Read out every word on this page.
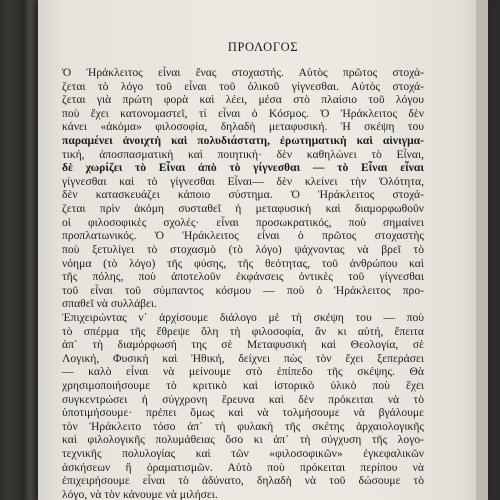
ΠΡΟΛΟΓΟΣ
Ὁ Ἡράκλειτος εἶναι ἕνας στοχαστής. Αὐτὸς πρῶτος στοχά-
ζεται τὸ λόγο τοῦ εἶναι τοῦ ὁλικοῦ γίγνεσθαι. Αὐτὸς στοχά-
ζεται γιὰ πρώτη φορὰ καὶ λέει, μέσα στὸ πλαίσιο τοῦ λόγου
ποὺ ἔχει κατονομαστεῖ, τί εἶναι ὁ Κόσμος. Ὁ Ἡράκλειτος δὲν
κάνει «ἀκόμα» φιλοσοφία, δηλαδὴ μεταφυσική. Ἡ σκέψη του
παραμένει ἀνοιχτὴ καὶ πολυδιάστατη, ἐρωτηματικὴ καὶ αἰνιγμα-
τική, ἀποσπασματικὴ καὶ ποιητική· δὲν καθηλώνει τὸ Εἶναι,
δὲ χωρίζει τὸ Εἶναι ἀπὸ τὸ γίγνεσθαι — τὸ Εἶναι εἶναι
γίγνεσθαι καὶ τὸ γίγνεσθαι Εἶναι— δὲν κλείνει τὴν Ὁλότητα,
δὲν κατασκευάζει κάποιο σύστημα. Ὁ Ἡράκλειτος στοχά-
ζεται πρὶν ἀκόμη συσταθεῖ ἡ μεταφυσικὴ καὶ διαμορφωθοῦν
οἱ φιλοσοφικὲς σχολές· εἶναι προσωκρατικός, ποὺ σημαίνει
προπλατωνικός. Ὁ Ἡράκλειτος εἶναι ὁ πρῶτος στοχαστὴς
ποὺ ξετυλίγει τὸ στοχασμὸ (τὸ λόγο) ψάχνοντας νὰ βρεῖ τὸ
νόημα (τὸ λόγο) τῆς φύσης, τῆς θεότητας, τοῦ ἀνθρώπου καὶ
τῆς πόλης, ποὺ ἀποτελοῦν ἐκφάνσεις ὀντικὲς τοῦ γίγνεσθαι
τοῦ εἶναι τοῦ σύμπαντος κόσμου — ποὺ ὁ Ἡράκλειτος προ-
σπαθεῖ νὰ συλλάβει.
Ἐπιχειρώντας ν᾽ ἀρχίσουμε διάλογο μὲ τὴ σκέψη του — ποὺ
τὸ σπέρμα τῆς ἔθρεψε ὅλη τὴ φιλοσοφία, ἂν κι αὐτή, ἔπειτα
ἀπ᾽ τὴ διαμόρφωσή της σὲ Μεταφυσικὴ καὶ Θεολογία, σὲ
Λογική, Φυσικὴ καὶ Ἠθική, δείχνει πὼς τὸν ἔχει ξεπεράσει
— καλὸ εἶναι νὰ μείνουμε στὸ ἐπίπεδο τῆς σκέψης. Θὰ
χρησιμοποιήσουμε τὸ κριτικὸ καὶ ἱστορικὸ ὑλικὸ ποὺ ἔχει
συγκεντρώσει ἡ σύγχρονη ἔρευνα καὶ δὲν πρόκειται νὰ τὸ
ὑποτιμήσουμε· πρέπει ὅμως καὶ νὰ τολμήσουμε νὰ βγάλουμε
τὸν Ἡράκλειτο τόσο ἀπ᾽ τὴ φυλακὴ τῆς σκέτης ἀρχαιολογικῆς
καὶ φιλολογικῆς πολυμάθειας ὅσο κι ἀπ᾽ τὴ σύγχυση τῆς λογο-
τεχνικῆς πολυλογίας καὶ τῶν «φιλοσοφικῶν» ἐγκεφαλικῶν
ἀσκήσεων ἢ ὁραματισμῶν. Αὐτὸ ποὺ πρόκειται περίπου νὰ
ἐπιχειρήσουμε εἶναι τὸ ἀδύνατο, δηλαδὴ νὰ τοῦ δώσουμε τὸ
λόγο, νὰ τὸν κάνουμε νὰ μιλήσει.
